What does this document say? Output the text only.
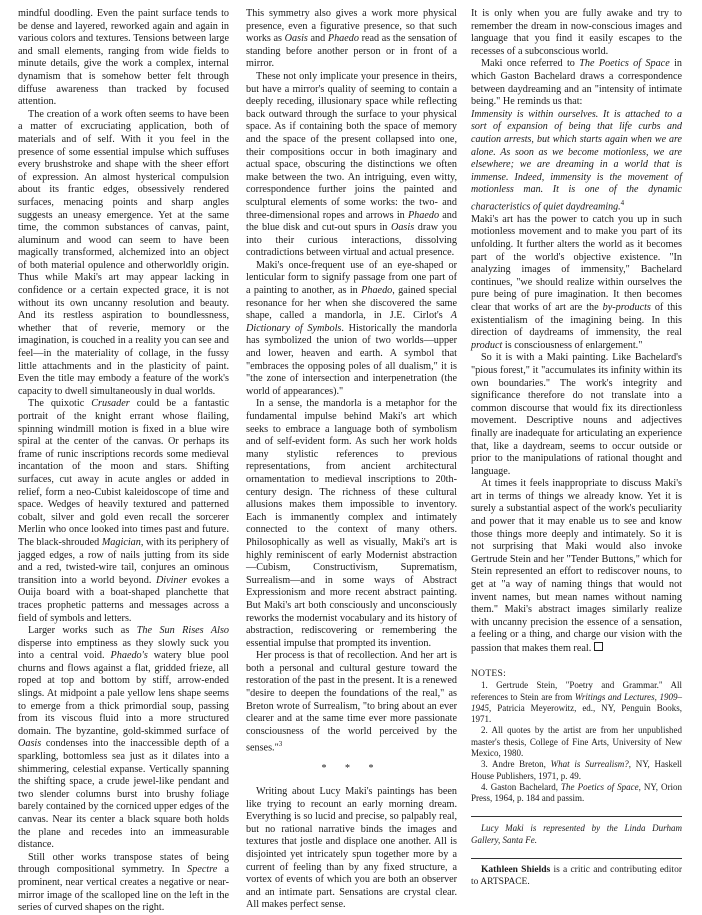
mindful doodling. Even the paint surface tends to be dense and layered, reworked again and again in various colors and textures. Tensions between large and small elements, ranging from wide fields to minute details, give the work a complex, internal dynamism that is somehow better felt through diffuse awareness than tracked by focused attention.

The creation of a work often seems to have been a matter of excruciating application, both of materials and of self. With it you feel in the presence of some essential impulse which suffuses every brushstroke and shape with the sheer effort of expression. An almost hysterical compulsion about its frantic edges, obsessively rendered surfaces, menacing points and sharp angles suggests an uneasy emergence. Yet at the same time, the common substances of canvas, paint, aluminum and wood can seem to have been magically transformed, alchemized into an object of both material opulence and otherworldly origin. Thus while Maki's art may appear lacking in confidence or a certain expected grace, it is not without its own uncanny resolution and beauty. And its restless aspiration to boundlessness, whether that of reverie, memory or the imagination, is couched in a reality you can see and feel—in the materiality of collage, in the fussy little attachments and in the plasticity of paint. Even the title may embody a feature of the work's capacity to dwell simultaneously in dual worlds.

The quixotic Crusader could be a fantastic portrait of the knight errant whose flailing, spinning windmill motion is fixed in a blue wire spiral at the center of the canvas. Or perhaps its frame of runic inscriptions records some medieval incantation of the moon and stars. Shifting surfaces, cut away in acute angles or added in relief, form a neo-Cubist kaleidoscope of time and space. Wedges of heavily textured and patterned cobalt, silver and gold even recall the sorcerer Merlin who once looked into times past and future. The black-shrouded Magician, with its periphery of jagged edges, a row of nails jutting from its side and a red, twisted-wire tail, conjures an ominous transition into a world beyond. Diviner evokes a Ouija board with a boat-shaped planchette that traces prophetic patterns and messages across a field of symbols and letters.

Larger works such as The Sun Rises Also disperse into emptiness as they slowly suck you into a central void. Phaedo's watery blue pool churns and flows against a flat, gridded frieze, all roped at top and bottom by stiff, arrow-ended slings. At midpoint a pale yellow lens shape seems to emerge from a thick primordial soup, passing from its viscous fluid into a more structured domain. The byzantine, gold-skimmed surface of Oasis condenses into the inaccessible depth of a sparkling, bottomless sea just as it dilates into a shimmering, celestial expanse. Vertically spanning the shifting space, a crude jewel-like pendant and two slender columns burst into brushy foliage barely contained by the corniced upper edges of the canvas. Near its center a black square both holds the plane and recedes into an immeasurable distance.

Still other works transpose states of being through compositional symmetry. In Spectre a prominent, near vertical creates a negative or near-mirror image of the scalloped line on the left in the series of curved shapes on the right.

This symmetry also gives a work more physical presence, even a figurative presence, so that such works as Oasis and Phaedo read as the sensation of standing before another person or in front of a mirror.

These not only implicate your presence in theirs, but have a mirror's quality of seeming to contain a deeply receding, illusionary space while reflecting back outward through the surface to your physical space. As if containing both the space of memory and the space of the present collapsed into one, their compositions occur in both imaginary and actual space, obscuring the distinctions we often make between the two. An intriguing, even witty, correspondence further joins the painted and sculptural elements of some works: the two- and three-dimensional ropes and arrows in Phaedo and the blue disk and cut-out spurs in Oasis draw you into their curious interactions, dissolving contradictions between virtual and actual presence.

Maki's once-frequent use of an eye-shaped or lenticular form to signify passage from one part of a painting to another, as in Phaedo, gained special resonance for her when she discovered the same shape, called a mandorla, in J.E. Cirlot's A Dictionary of Symbols. Historically the mandorla has symbolized the union of two worlds—upper and lower, heaven and earth. A symbol that "embraces the opposing poles of all dualism," it is "the zone of intersection and interpenetration (the world of appearances)."

In a sense, the mandorla is a metaphor for the fundamental impulse behind Maki's art which seeks to embrace a language both of symbolism and of self-evident form. As such her work holds many stylistic references to previous representations, from ancient architectural ornamentation to medieval inscriptions to 20th-century design. The richness of these cultural allusions makes them impossible to inventory. Each is immanently complex and intimately connected to the context of many others. Philosophically as well as visually, Maki's art is highly reminiscent of early Modernist abstraction—Cubism, Constructivism, Suprematism, Surrealism—and in some ways of Abstract Expressionism and more recent abstract painting. But Maki's art both consciously and unconsciously reworks the modernist vocabulary and its history of abstraction, rediscovering or remembering the essential impulse that prompted its invention.

Her process is that of recollection. And her art is both a personal and cultural gesture toward the restoration of the past in the present. It is a renewed "desire to deepen the foundations of the real," as Breton wrote of Surrealism, "to bring about an ever clearer and at the same time ever more passionate consciousness of the world perceived by the senses."$^3$

* * *

Writing about Lucy Maki's paintings has been like trying to recount an early morning dream. Everything is so lucid and precise, so palpably real, but no rational narrative binds the images and textures that jostle and displace one another. All is disjointed yet intricately spun together more by a current of feeling than by any fixed structure, a vortex of events of which you are both an observer and an intimate part. Sensations are crystal clear. All makes perfect sense.

It is only when you are fully awake and try to remember the dream in now-conscious images and language that you find it easily escapes to the recesses of a subconscious world.

Maki once referred to The Poetics of Space in which Gaston Bachelard draws a correspondence between daydreaming and an "intensity of intimate being." He reminds us that:

Immensity is within ourselves. It is attached to a sort of expansion of being that life curbs and caution arrests, but which starts again when we are alone. As soon as we become motionless, we are elsewhere; we are dreaming in a world that is immense. Indeed, immensity is the movement of motionless man. It is one of the dynamic characteristics of quiet daydreaming.$^4$

Maki's art has the power to catch you up in such motionless movement and to make you part of its unfolding. It further alters the world as it becomes part of the world's objective existence. "In analyzing images of immensity," Bachelard continues, "we should realize within ourselves the pure being of pure imagination. It then becomes clear that works of art are the by-products of this existentialism of the imagining being. In this direction of daydreams of immensity, the real product is consciousness of enlargement."

So it is with a Maki painting. Like Bachelard's "pious forest," it "accumulates its infinity within its own boundaries." The work's integrity and significance therefore do not translate into a common discourse that would fix its directionless movement. Descriptive nouns and adjectives finally are inadequate for articulating an experience that, like a daydream, seems to occur outside or prior to the manipulations of rational thought and language.

At times it feels inappropriate to discuss Maki's art in terms of things we already know. Yet it is surely a substantial aspect of the work's peculiarity and power that it may enable us to see and know those things more deeply and intimately. So it is not surprising that Maki would also invoke Gertrude Stein and her "Tender Buttons," which for Stein represented an effort to rediscover nouns, to get at "a way of naming things that would not invent names, but mean names without naming them." Maki's abstract images similarly realize with uncanny precision the essence of a sensation, a feeling or a thing, and charge our vision with the passion that makes them real.

NOTES:

1. Gertrude Stein, "Poetry and Grammar." All references to Stein are from Writings and Lectures, 1909–1945, Patricia Meyerowitz, ed., NY, Penguin Books, 1971.

2. All quotes by the artist are from her unpublished master's thesis, College of Fine Arts, University of New Mexico, 1980.

3. Andre Breton, What is Surrealism?, NY, Haskell House Publishers, 1971, p. 49.

4. Gaston Bachelard, The Poetics of Space, NY, Orion Press, 1964, p. 184 and passim.

Lucy Maki is represented by the Linda Durham Gallery, Santa Fe.

Kathleen Shields is a critic and contributing editor to ARTSPACE.
